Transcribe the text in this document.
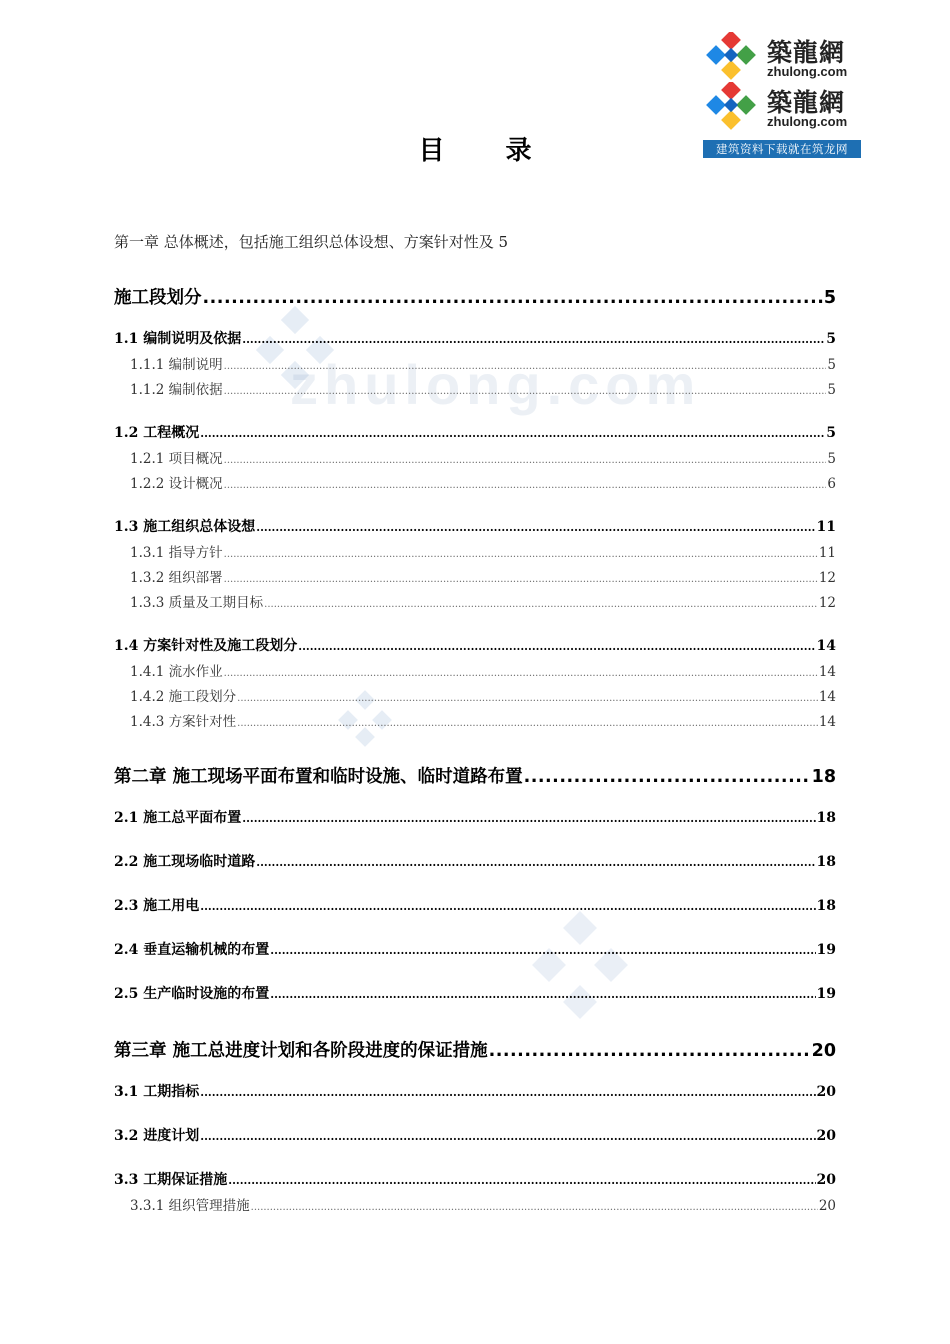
zhulong.com
築龍網
zhulong.com
築龍網
zhulong.com
建筑资料下载就在筑龙网
目 录
第一章 总体概述，包括施工组织总体设想、方案针对性及 5
施工段划分 .....	5
1.1 编制说明及依据 .....	5
1.1.1 编制说明 .....	5
1.1.2 编制依据 .....	5
1.2 工程概况 .....	5
1.2.1 项目概况 .....	5
1.2.2 设计概况 .....	6
1.3 施工组织总体设想 .....	11
1.3.1 指导方针 .....	11
1.3.2 组织部署 .....	12
1.3.3 质量及工期目标 .....	12
1.4 方案针对性及施工段划分 .....	14
1.4.1 流水作业 .....	14
1.4.2 施工段划分 .....	14
1.4.3 方案针对性 .....	14
第二章 施工现场平面布置和临时设施、临时道路布置 .....	18
2.1 施工总平面布置 .....	18
2.2 施工现场临时道路 .....	18
2.3 施工用电 .....	18
2.4 垂直运输机械的布置 .....	19
2.5 生产临时设施的布置 .....	19
第三章 施工总进度计划和各阶段进度的保证措施 .....	20
3.1 工期指标 .....	20
3.2 进度计划 .....	20
3.3 工期保证措施 .....	20
3.3.1 组织管理措施 .....	20
